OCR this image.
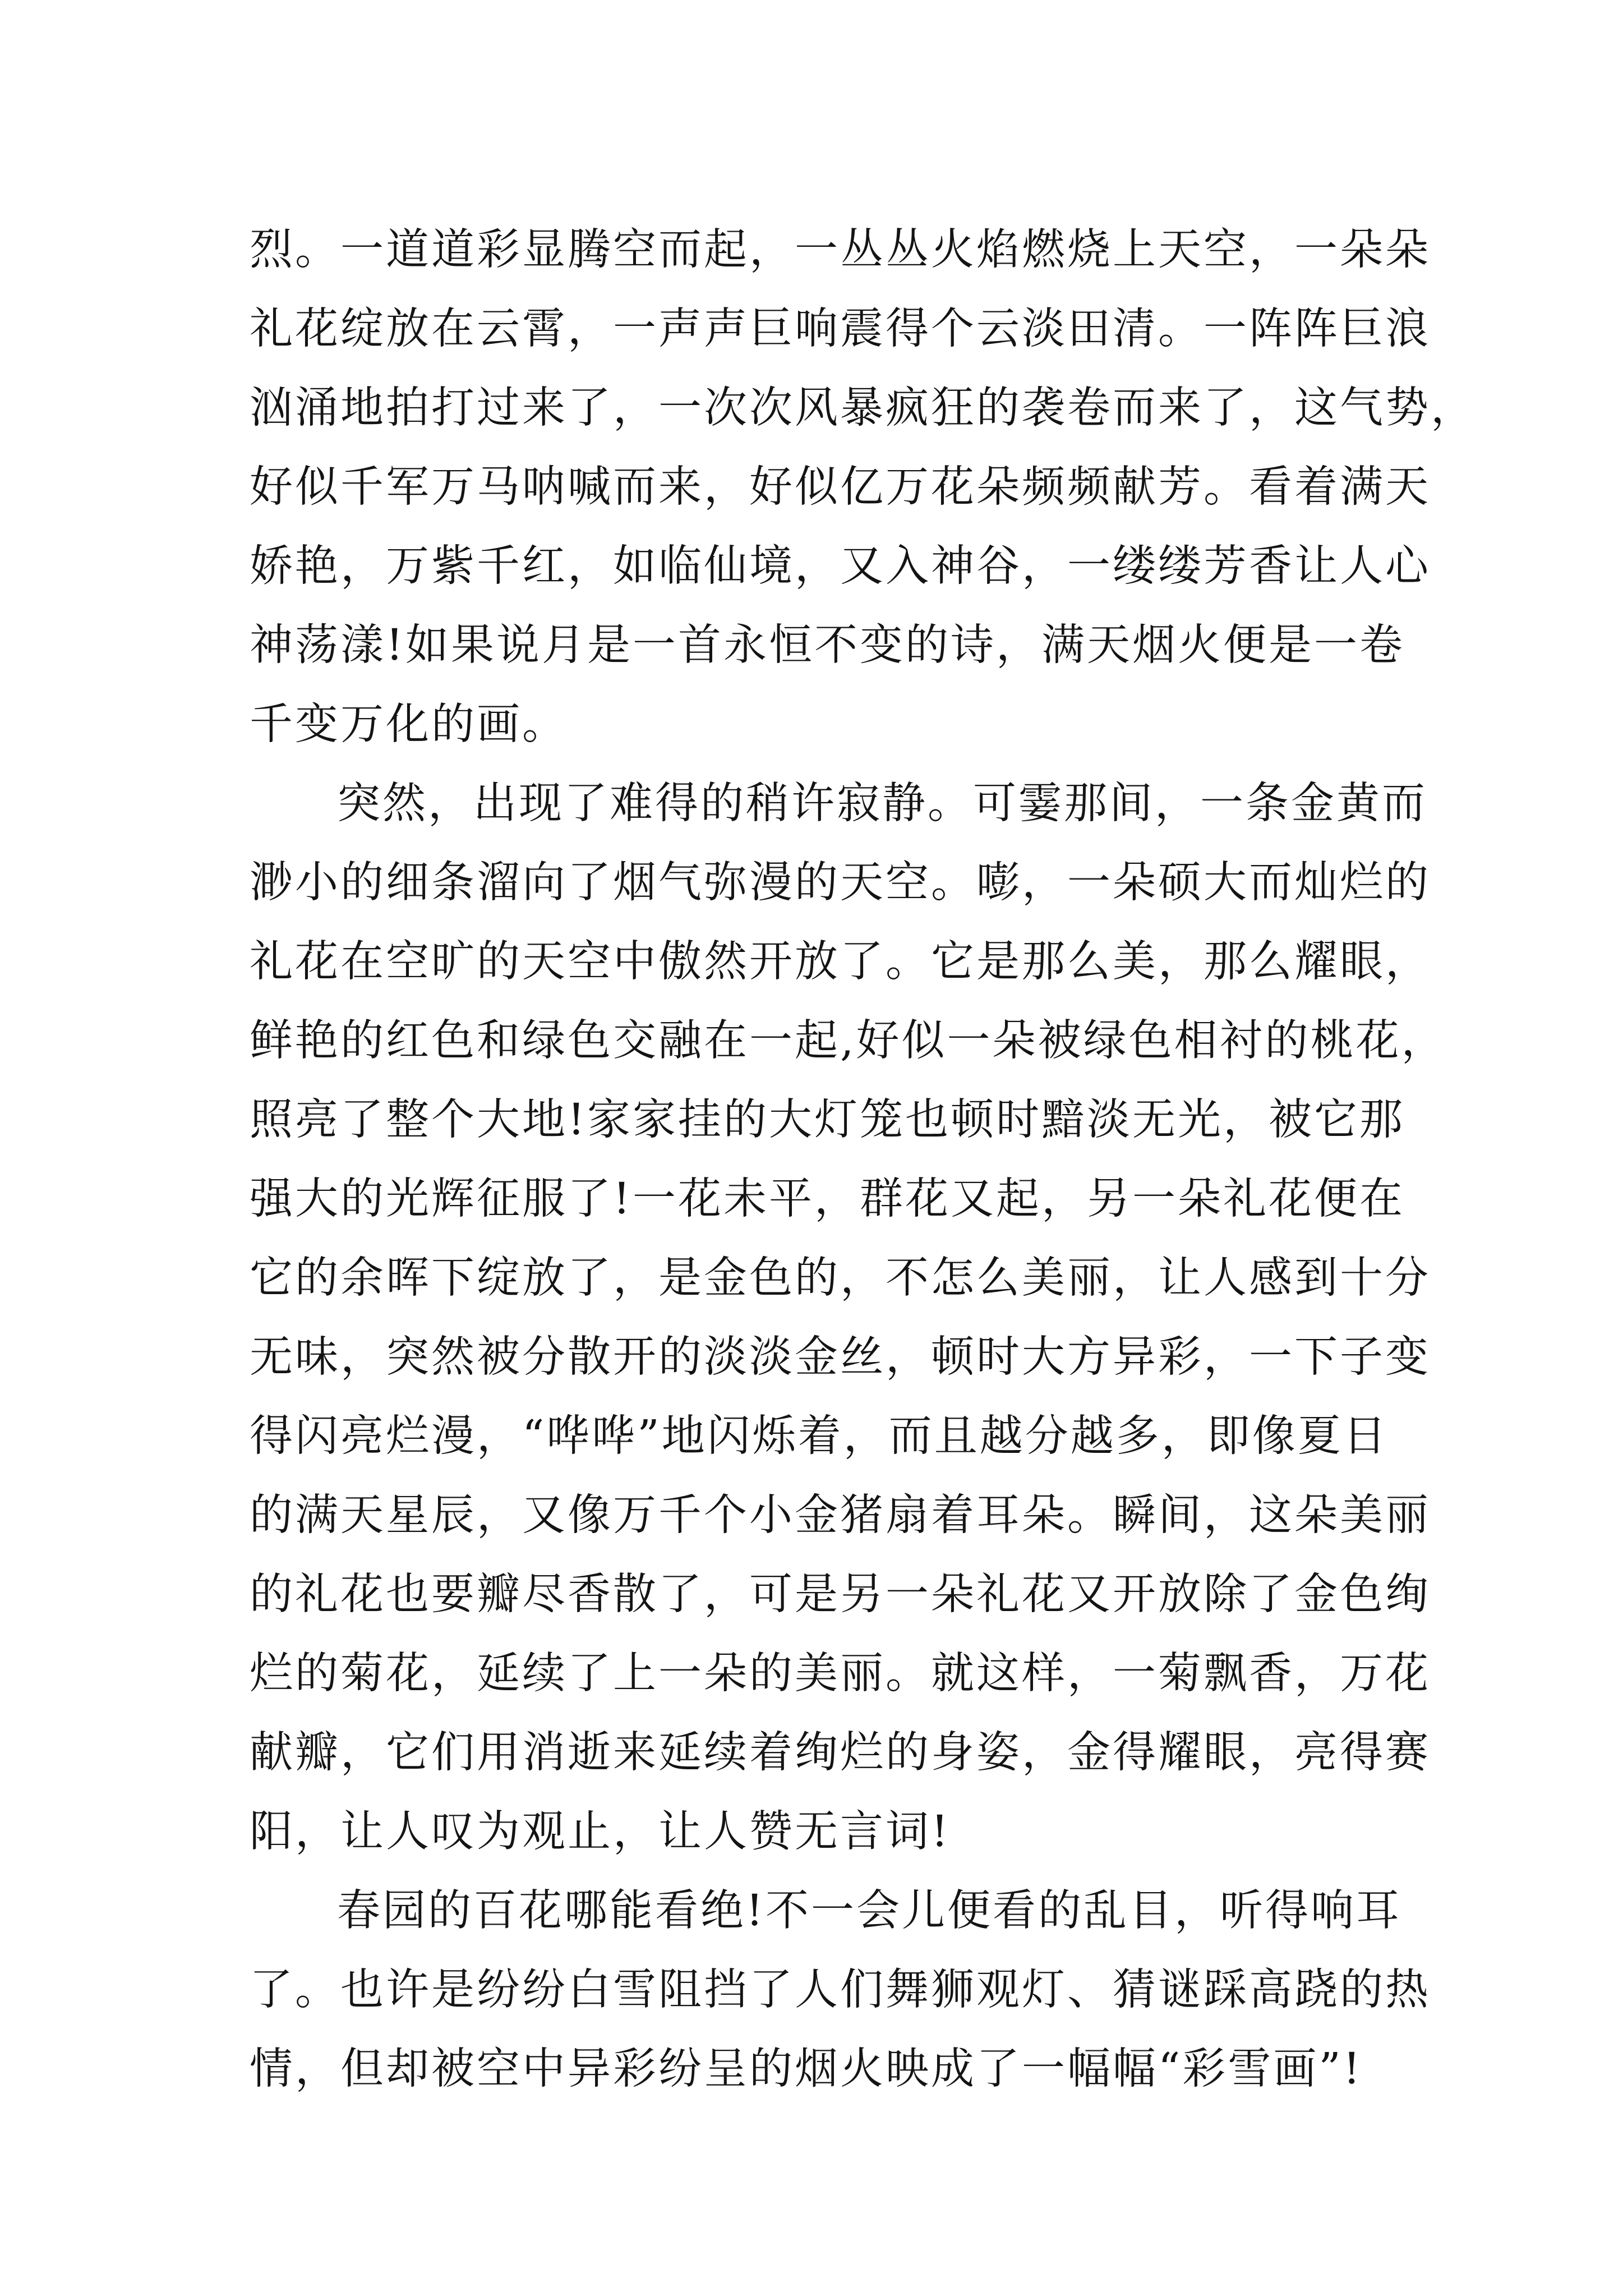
烈。一道道彩显腾空而起，一丛丛火焰燃烧上天空，一朵朵
礼花绽放在云霄，一声声巨响震得个云淡田清。一阵阵巨浪
汹涌地拍打过来了，一次次风暴疯狂的袭卷而来了，这气势，
好似千军万马呐喊而来，好似亿万花朵频频献芳。看着满天
娇艳，万紫千红，如临仙境，又入神谷，一缕缕芳香让人心
神荡漾!如果说月是一首永恒不变的诗，满天烟火便是一卷
千变万化的画。

突然，出现了难得的稍许寂静。可霎那间，一条金黄而
渺小的细条溜向了烟气弥漫的天空。嘭，一朵硕大而灿烂的
礼花在空旷的天空中傲然开放了。它是那么美，那么耀眼，
鲜艳的红色和绿色交融在一起,好似一朵被绿色相衬的桃花，
照亮了整个大地!家家挂的大灯笼也顿时黯淡无光，被它那
强大的光辉征服了!一花未平，群花又起，另一朵礼花便在
它的余晖下绽放了，是金色的，不怎么美丽，让人感到十分
无味，突然被分散开的淡淡金丝，顿时大方异彩，一下子变
得闪亮烂漫，“哗哗”地闪烁着，而且越分越多，即像夏日
的满天星辰，又像万千个小金猪扇着耳朵。瞬间，这朵美丽
的礼花也要瓣尽香散了，可是另一朵礼花又开放除了金色绚
烂的菊花，延续了上一朵的美丽。就这样，一菊飘香，万花
献瓣，它们用消逝来延续着绚烂的身姿，金得耀眼，亮得赛
阳，让人叹为观止，让人赞无言词!

春园的百花哪能看绝!不一会儿便看的乱目，听得响耳
了。也许是纷纷白雪阻挡了人们舞狮观灯、猜谜踩高跷的热
情，但却被空中异彩纷呈的烟火映成了一幅幅“彩雪画”!
